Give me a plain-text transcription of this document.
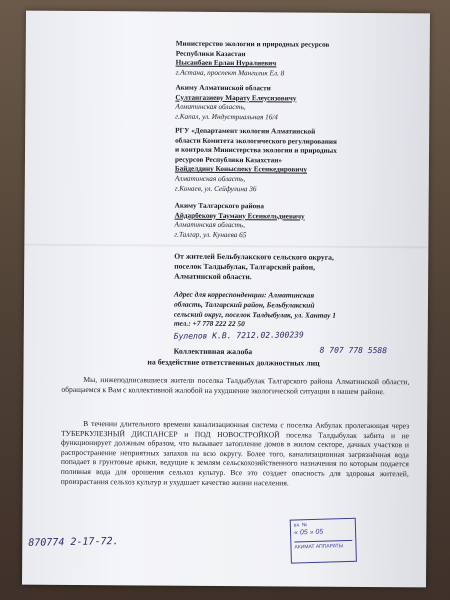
Министерство экологии и природных ресурсов
Республики Казастан
Нысанбаев Ерлан Нуралиевич
г.Астана, проспект Мангилик Ел. 8
Акиму Алматинской области
Султангазиеву Марату Елеусизовичу
Алматинская область,
г.Капал, ул. Индустриальная 16/4
РГУ «Департамент экологии Алматинской
области Комитета экологического регулирования
и контроля Министерства экологии и природных
ресурсов Республики Казахстан»
Байделдину Коныспеку Есенкедировичу
Алматинская область,
г.Конаев, ул. Сейфулина 36
Акиму Талгарского района
Айдарбекову Тауману Есенкельдиевичу
Алматинская область,
г.Талгар, ул. Кунаева 65
От жителей Бельбулакского сельского округа,
поселок Талдыбулак, Талгарский район,
Алматинской области.
Адрес для корреспонденции: Алматинская
область, Талгарский район, Бельбулакский
сельский округ, поселок Талдыбулак, ул. Хантау 1
тел.: +7 778 222 22 50
Булелов К.В. 7212.02.300239
8 707 778 5588
Коллективная жалоба
на бездействие ответственных должностных лиц
Мы, нижеподписавшиеся жители поселка Талдыбулак Талгарского района Алматинской области, обращаемся к Вам с коллективной жалобой на ухудшение экологической ситуации в нашем районе.
В течении длительного времени канализационная система с поселка Акбулак пролегающая через ТУБЕРКУЛЕЗНЫЙ ДИСПАНСЕР и ПОД НОВОСТРОЙКОЙ поселка Талдыбулак забита и не функционирует должным образом, что вызывает затопление домов в жилом секторе, дачных участков и распространение неприятных запахов на всю округу. Более того, канализационная загрязнённая вода попадает в грунтовые арыки, ведущие к землям сельскохозяйственного назначения по которым подается поливная вода для орошения сельхоз культур. Все это создает опасность для здоровья жителей, произрастания сельхоз культур и ухудшает качество жизни населения.
вх. №
« 05 » 05
АКИМАТ АППАРАТЫ
870774 2-17-72.
